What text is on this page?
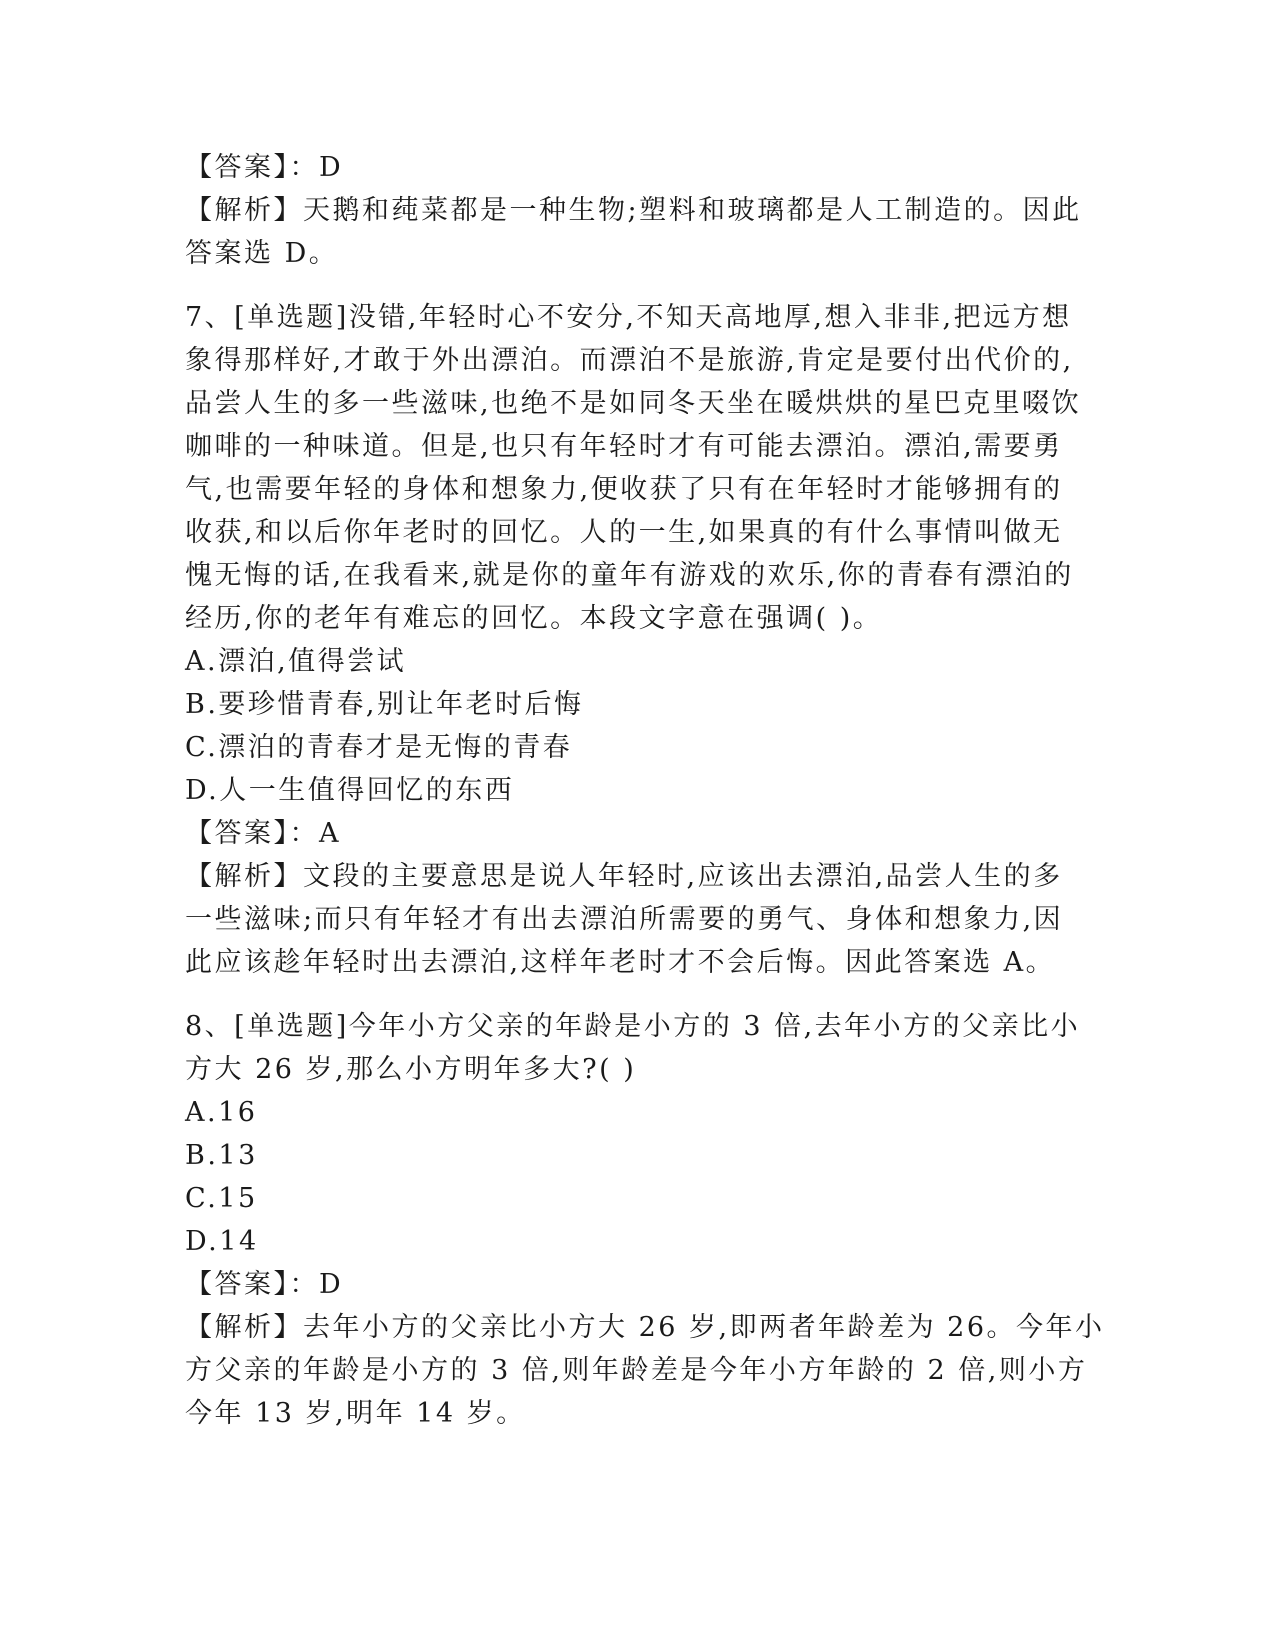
【答案】：D

【解析】天鹅和莼菜都是一种生物;塑料和玻璃都是人工制造的。因此

答案选 D。

7、[单选题]没错,年轻时心不安分,不知天高地厚,想入非非,把远方想

象得那样好,才敢于外出漂泊。而漂泊不是旅游,肯定是要付出代价的,

品尝人生的多一些滋味,也绝不是如同冬天坐在暖烘烘的星巴克里啜饮

咖啡的一种味道。但是,也只有年轻时才有可能去漂泊。漂泊,需要勇

气,也需要年轻的身体和想象力,便收获了只有在年轻时才能够拥有的

收获,和以后你年老时的回忆。人的一生,如果真的有什么事情叫做无

愧无悔的话,在我看来,就是你的童年有游戏的欢乐,你的青春有漂泊的

经历,你的老年有难忘的回忆。本段文字意在强调( )。

A.漂泊,值得尝试

B.要珍惜青春,别让年老时后悔

C.漂泊的青春才是无悔的青春

D.人一生值得回忆的东西

【答案】：A

【解析】文段的主要意思是说人年轻时,应该出去漂泊,品尝人生的多

一些滋味;而只有年轻才有出去漂泊所需要的勇气、身体和想象力,因

此应该趁年轻时出去漂泊,这样年老时才不会后悔。因此答案选 A。

8、[单选题]今年小方父亲的年龄是小方的 3 倍,去年小方的父亲比小

方大 26 岁,那么小方明年多大?( )

A.16

B.13

C.15

D.14

【答案】：D

【解析】去年小方的父亲比小方大 26 岁,即两者年龄差为 26。今年小

方父亲的年龄是小方的 3 倍,则年龄差是今年小方年龄的 2 倍,则小方

今年 13 岁,明年 14 岁。
